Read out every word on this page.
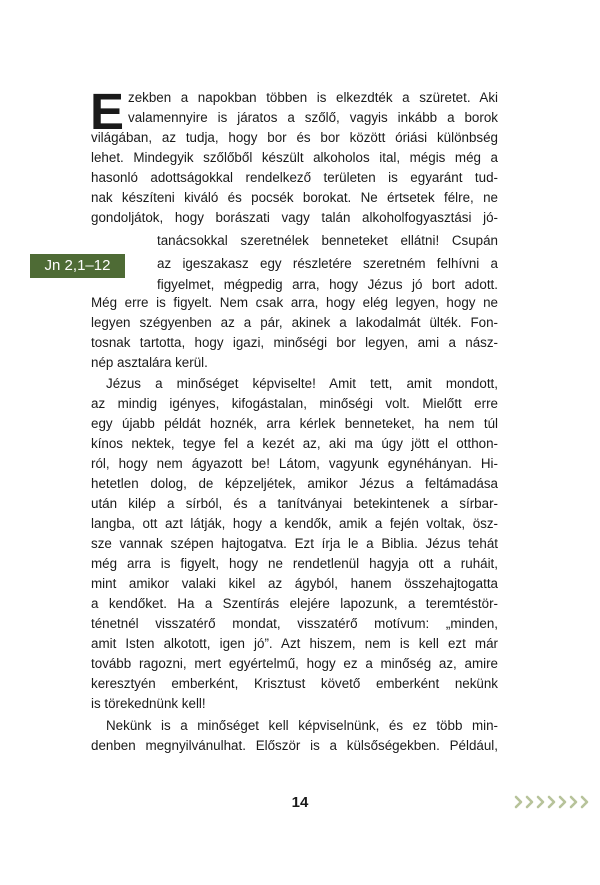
E zekben a napokban többen is elkezdték a szüretet. Aki
valamennyire is járatos a szőlő, vagyis inkább a borok
világában, az tudja, hogy bor és bor között óriási különbség
lehet. Mindegyik szőlőből készült alkoholos ital, mégis még a
hasonló adottságokkal rendelkező területen is egyaránt tud-
nak készíteni kiváló és pocsék borokat. Ne értsetek félre, ne
gondoljátok, hogy borászati vagy talán alkoholfogyasztási jó-
tanácsokkal szeretnélek benneteket ellátni! Csupán
az igeszakasz egy részletére szeretném felhívni a
figyelmet, mégpedig arra, hogy Jézus jó bort adott.
Még erre is figyelt. Nem csak arra, hogy elég legyen, hogy ne
legyen szégyenben az a pár, akinek a lakodalmát ülték. Fon-
tosnak tartotta, hogy igazi, minőségi bor legyen, ami a nász-
nép asztalára kerül.
Jn 2,1–12
Jézus a minőséget képviselte! Amit tett, amit mondott,
az mindig igényes, kifogástalan, minőségi volt. Mielőtt erre
egy újabb példát hoznék, arra kérlek benneteket, ha nem túl
kínos nektek, tegye fel a kezét az, aki ma úgy jött el otthon-
ról, hogy nem ágyazott be! Látom, vagyunk egynéhányan. Hi-
hetetlen dolog, de képzeljétek, amikor Jézus a feltámadása
után kilép a sírból, és a tanítványai betekintenek a sírbar-
langba, ott azt látják, hogy a kendők, amik a fején voltak, ösz-
sze vannak szépen hajtogatva. Ezt írja le a Biblia. Jézus tehát
még arra is figyelt, hogy ne rendetlenül hagyja ott a ruháit,
mint amikor valaki kikel az ágyból, hanem összehajtogatta
a kendőket. Ha a Szentírás elejére lapozunk, a teremtéstör-
ténetnél visszatérő mondat, visszatérő motívum: „minden,
amit Isten alkotott, igen jó”. Azt hiszem, nem is kell ezt már
tovább ragozni, mert egyértelmű, hogy ez a minőség az, amire
keresztyén emberként, Krisztust követő emberként nekünk
is törekednünk kell!
Nekünk is a minőséget kell képviselnünk, és ez több min-
denben megnyilvánulhat. Először is a külsőségekben. Például,
14
